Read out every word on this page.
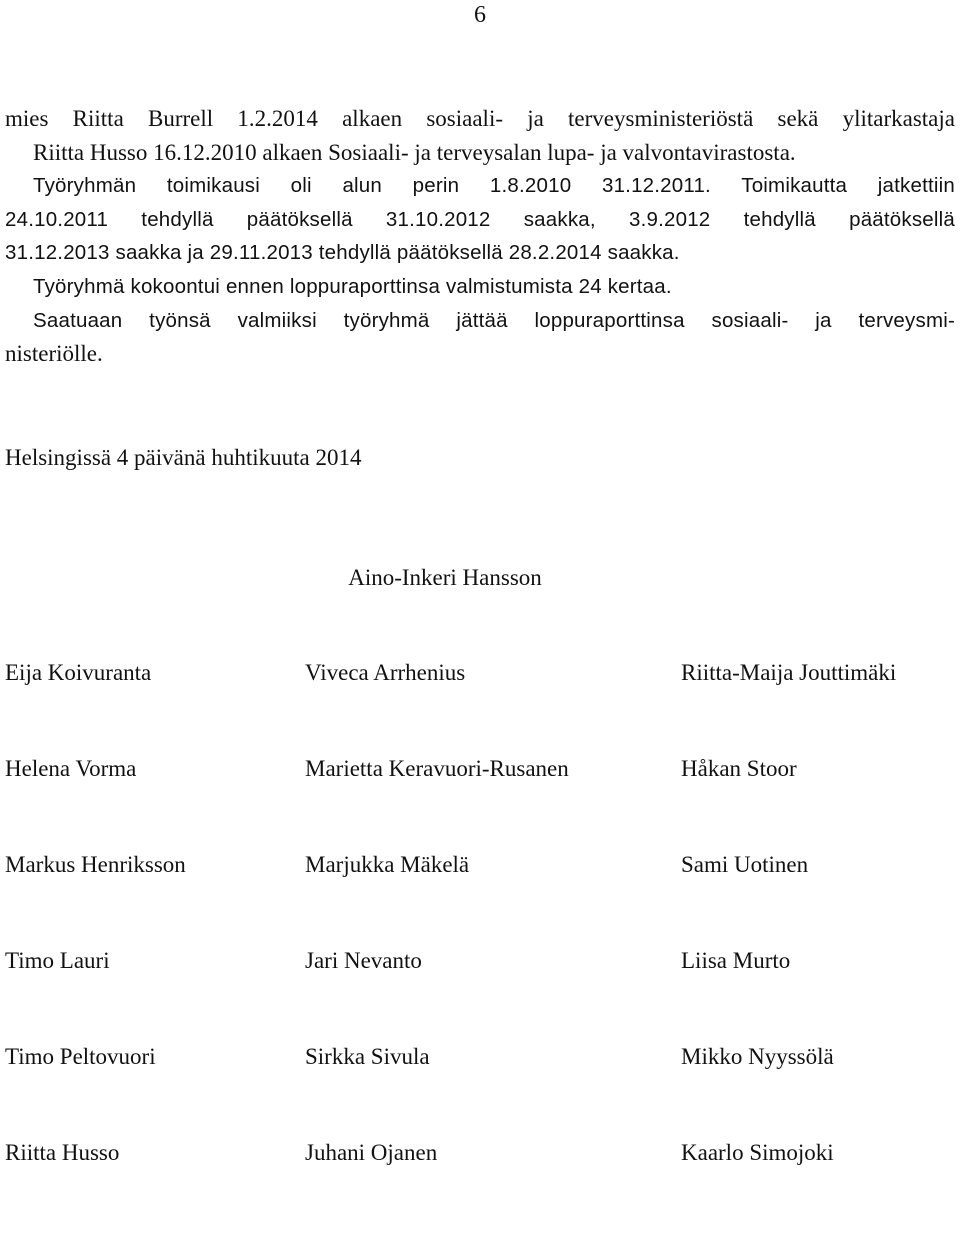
6
mies Riitta Burrell 1.2.2014 alkaen sosiaali- ja terveysministeriöstä sekä ylitarkastaja
Riitta Husso 16.12.2010 alkaen Sosiaali- ja terveysalan lupa- ja valvontavirastosta.
Työryhmän toimikausi oli alun perin 1.8.2010 31.12.2011. Toimikautta jatkettiin
24.10.2011 tehdyllä päätöksellä 31.10.2012 saakka, 3.9.2012 tehdyllä päätöksellä
31.12.2013 saakka ja 29.11.2013 tehdyllä päätöksellä 28.2.2014 saakka.
Työryhmä kokoontui ennen loppuraporttinsa valmistumista 24 kertaa.
Saatuaan työnsä valmiiksi työryhmä jättää loppuraporttinsa sosiaali- ja terveysmi-
nisteriölle.
Helsingissä 4 päivänä huhtikuuta 2014
Aino-Inkeri Hansson
Eija Koivuranta	Viveca Arrhenius	Riitta-Maija Jouttimäki
Helena Vorma	Marietta Keravuori-Rusanen	Håkan Stoor
Markus Henriksson	Marjukka Mäkelä	Sami Uotinen
Timo Lauri	Jari Nevanto	Liisa Murto
Timo Peltovuori	Sirkka Sivula	Mikko Nyyssölä
Riitta Husso	Juhani Ojanen	Kaarlo Simojoki
